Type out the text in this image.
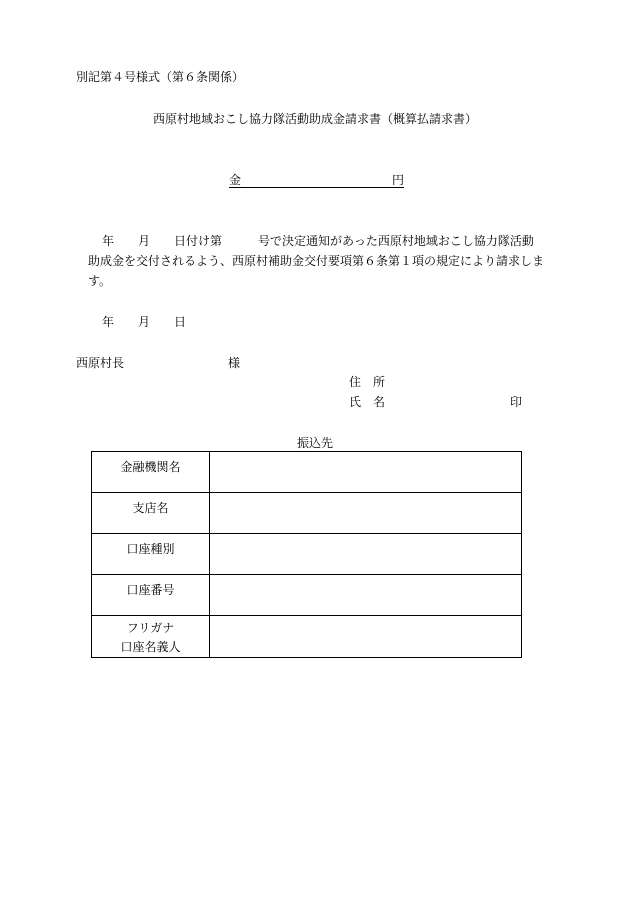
別記第４号様式（第６条関係）
西原村地域おこし協力隊活動助成金請求書（概算払請求書）
金	円
年　　月　　日付け第　　　号で決定通知があった西原村地域おこし協力隊活動
助成金を交付されるよう、西原村補助金交付要項第６条第１項の規定により請求しま
す。
年　　月　　日
西原村長	様
住　所
氏　名	印
振込先
金融機関名	
支店名	
口座種別	
口座番号	

フリガナ
口座名義人	
